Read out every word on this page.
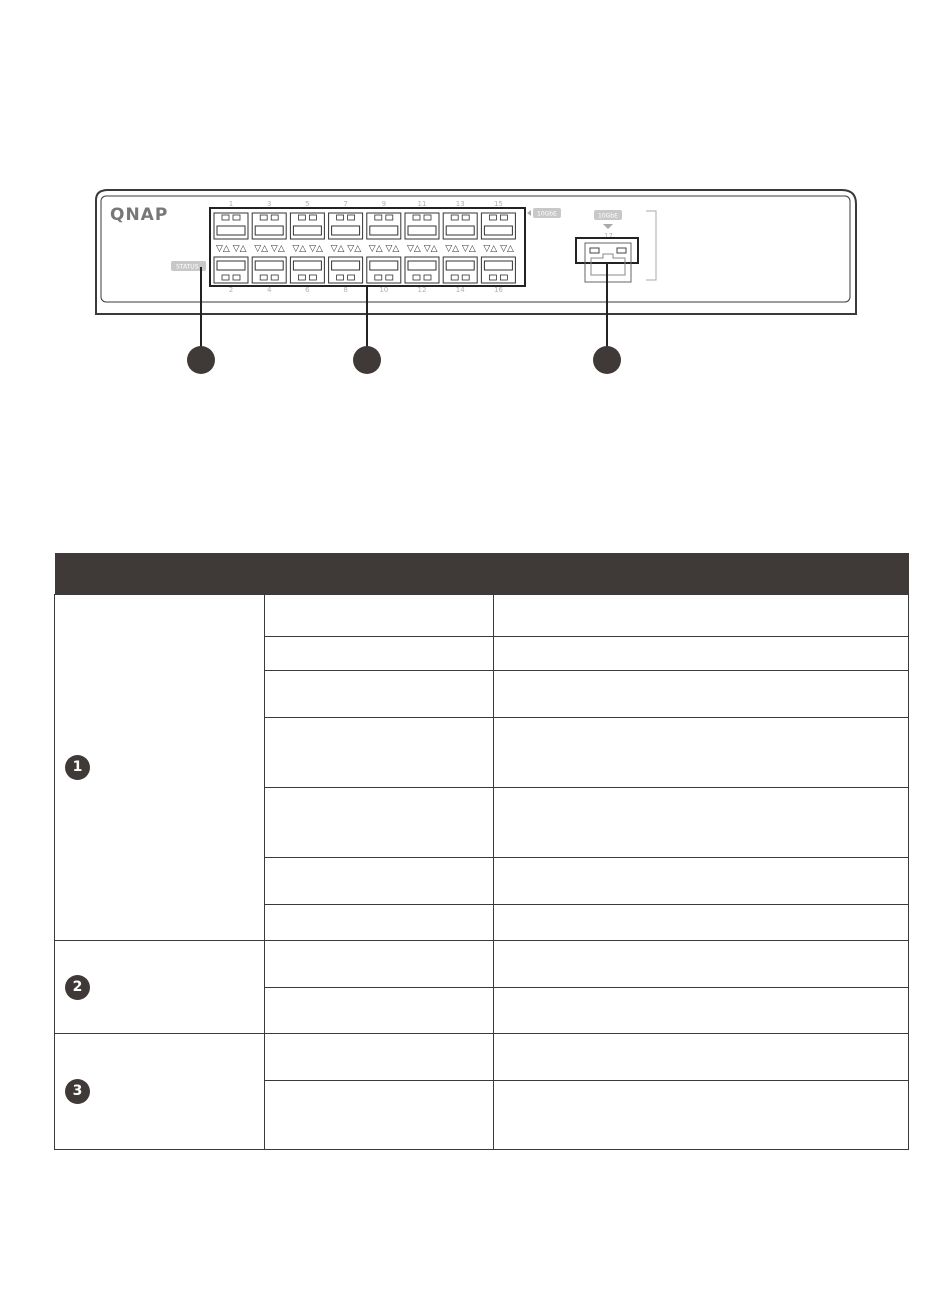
QNAP
▽△ ▽△
1
2
▽△ ▽△
3
4
▽△ ▽△
5
6
▽△ ▽△
7
8
▽△ ▽△
9
10
▽△ ▽△
11
12
▽△ ▽△
13
14
▽△ ▽△
15
16
STATUS
10GbE	10GbE
17

1		

2		

3		
